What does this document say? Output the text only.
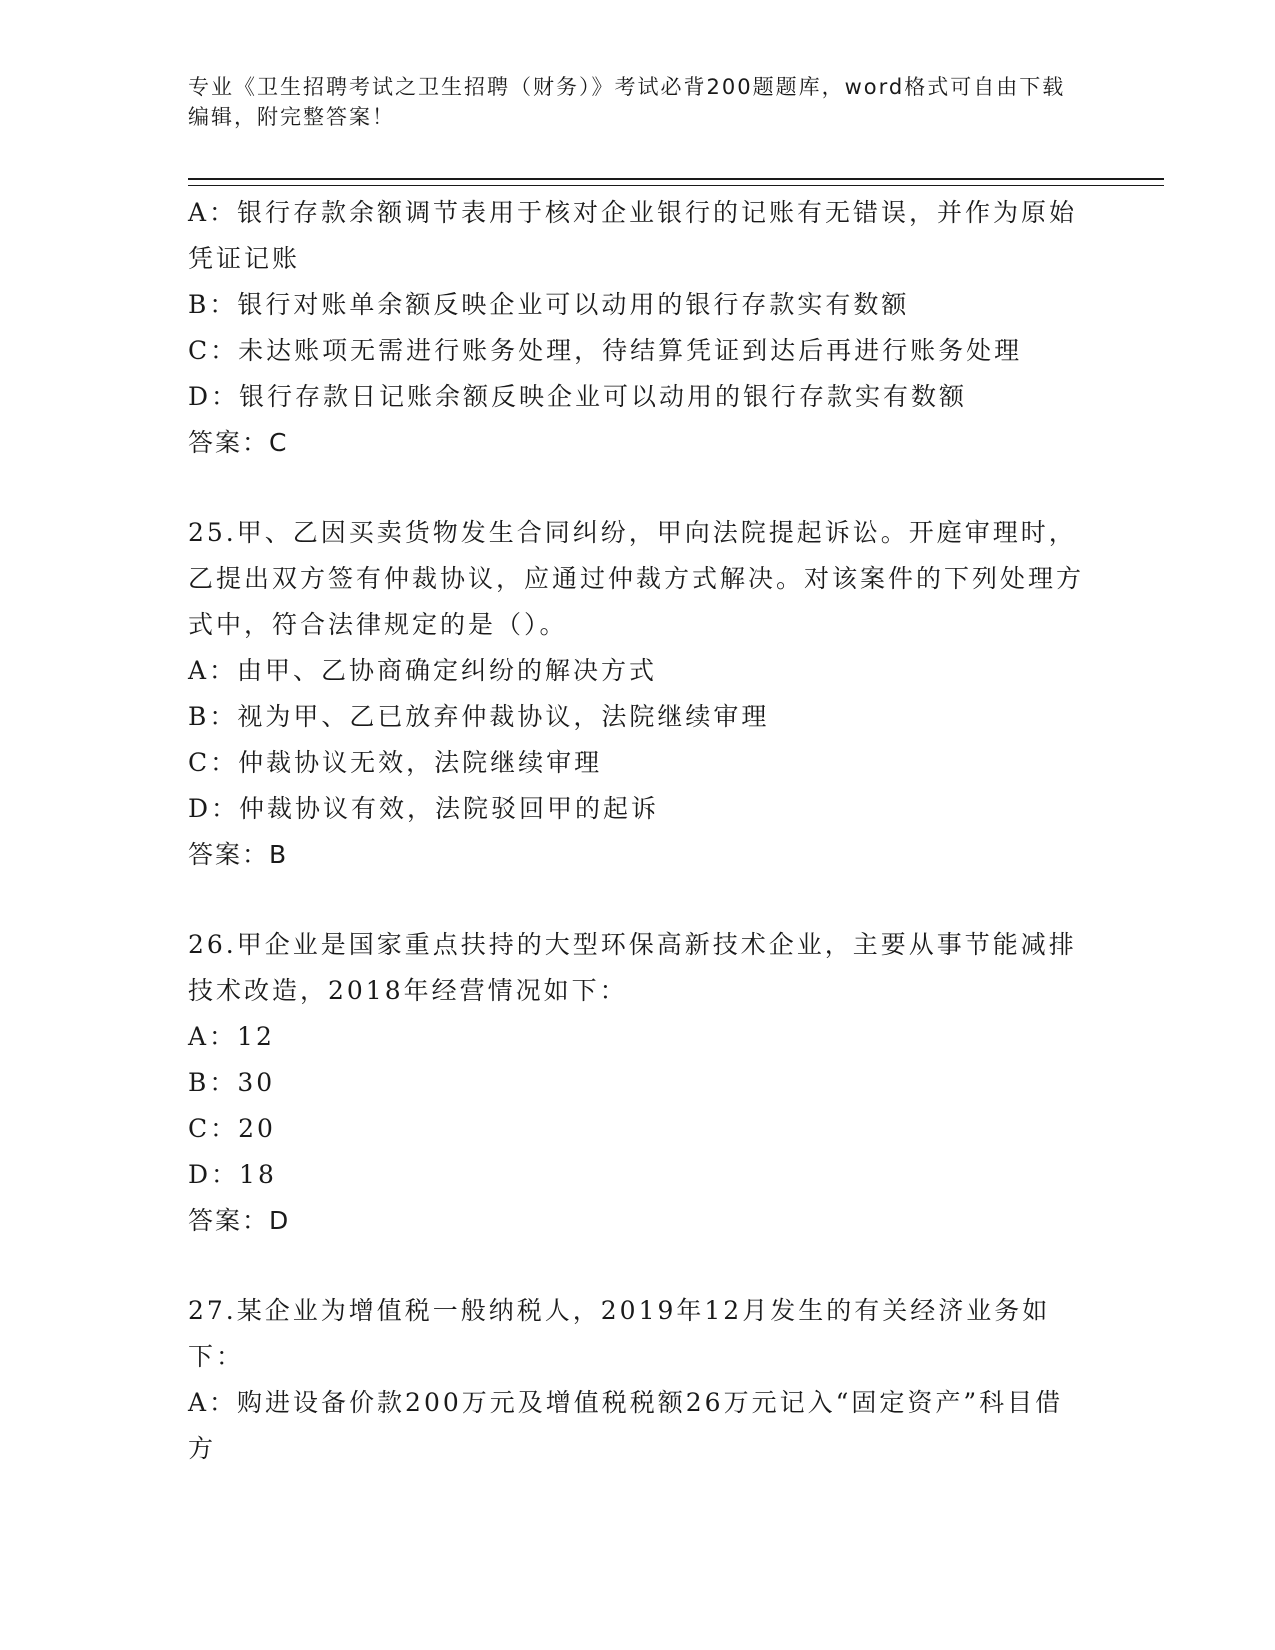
专业《卫生招聘考试之卫生招聘（财务）》考试必背200题题库，word格式可自由下载编辑，附完整答案！
A：银行存款余额调节表用于核对企业银行的记账有无错误，并作为原始凭证记账
B：银行对账单余额反映企业可以动用的银行存款实有数额
C：未达账项无需进行账务处理，待结算凭证到达后再进行账务处理
D：银行存款日记账余额反映企业可以动用的银行存款实有数额
答案：C
25.甲、乙因买卖货物发生合同纠纷，甲向法院提起诉讼。开庭审理时，乙提出双方签有仲裁协议，应通过仲裁方式解决。对该案件的下列处理方式中，符合法律规定的是（）。
A：由甲、乙协商确定纠纷的解决方式
B：视为甲、乙已放弃仲裁协议，法院继续审理
C：仲裁协议无效，法院继续审理
D：仲裁协议有效，法院驳回甲的起诉
答案：B
26.甲企业是国家重点扶持的大型环保高新技术企业，主要从事节能减排技术改造，2018年经营情况如下：
A：12
B：30
C：20
D：18
答案：D
27.某企业为增值税一般纳税人，2019年12月发生的有关经济业务如下：
A：购进设备价款200万元及增值税税额26万元记入“固定资产”科目借方
